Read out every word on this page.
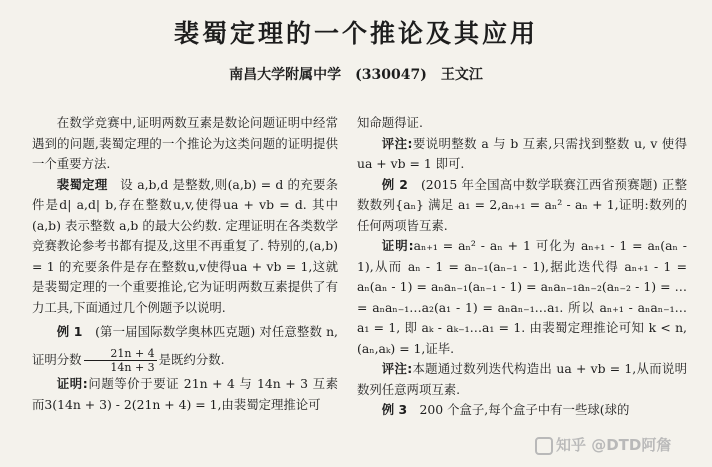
裴蜀定理的一个推论及其应用
南昌大学附属中学　(330047)　王文江

在数学竞赛中,证明两数互素是数论问题证明中经常遇到的问题,裴蜀定理的一个推论为这类问题的证明提供一个重要方法.

裴蜀定理　 设 a,b,d 是整数,则(a,b) = d 的充要条件是d| a,d| b,存在整数u,v,使得ua + vb = d. 其中(a,b) 表示整数 a,b 的最大公约数. 定理证明在各类数学竞赛教论参考书都有提及,这里不再重复了. 特别的,(a,b) = 1 的充要条件是存在整数u,v使得ua + vb = 1,这就是裴蜀定理的一个重要推论,它为证明两数互素提供了有力工具,下面通过几个例题予以说明.

例 1　 (第一届国际数学奥林匹克题) 对任意整数 n,证明分数 $\frac{21n + 4}{14n + 3}$ 是既约分数.

证明:问题等价于要证 21n + 4 与 14n + 3 互素 而3(14n + 3) - 2(21n + 4) = 1,由裴蜀定理推论可

知命题得证.

评注:要说明整数 a 与 b 互素,只需找到整数 u, v 使得 ua + vb = 1 即可.

例 2　 (2015 年全国高中数学联赛江西省预赛题) 正整数数列{aₙ} 满足 a₁ = 2,aₙ₊₁ = aₙ² - aₙ + 1,证明:数列的任何两项皆互素.

证明:aₙ₊₁ = aₙ² - aₙ + 1 可化为 aₙ₊₁ - 1 = aₙ(aₙ - 1),从而 aₙ - 1 = aₙ₋₁(aₙ₋₁ - 1),据此迭代得 aₙ₊₁ - 1 = aₙ(aₙ - 1) = aₙaₙ₋₁(aₙ₋₁ - 1) = aₙaₙ₋₁aₙ₋₂(aₙ₋₂ - 1) = … = aₙaₙ₋₁…a₂(a₁ - 1) = aₙaₙ₋₁…a₁. 所以 aₙ₊₁ - aₙaₙ₋₁…a₁ = 1, 即 aₖ - aₖ₋₁…a₁ = 1. 由裴蜀定理推论可知 k < n,(aₙ,aₖ) = 1,证毕.

评注:本题通过数列迭代构造出 ua + vb = 1,从而说明数列任意两项互素.

例 3　 200 个盒子,每个盒子中有一些球(球的

知乎 @DTD阿詹
